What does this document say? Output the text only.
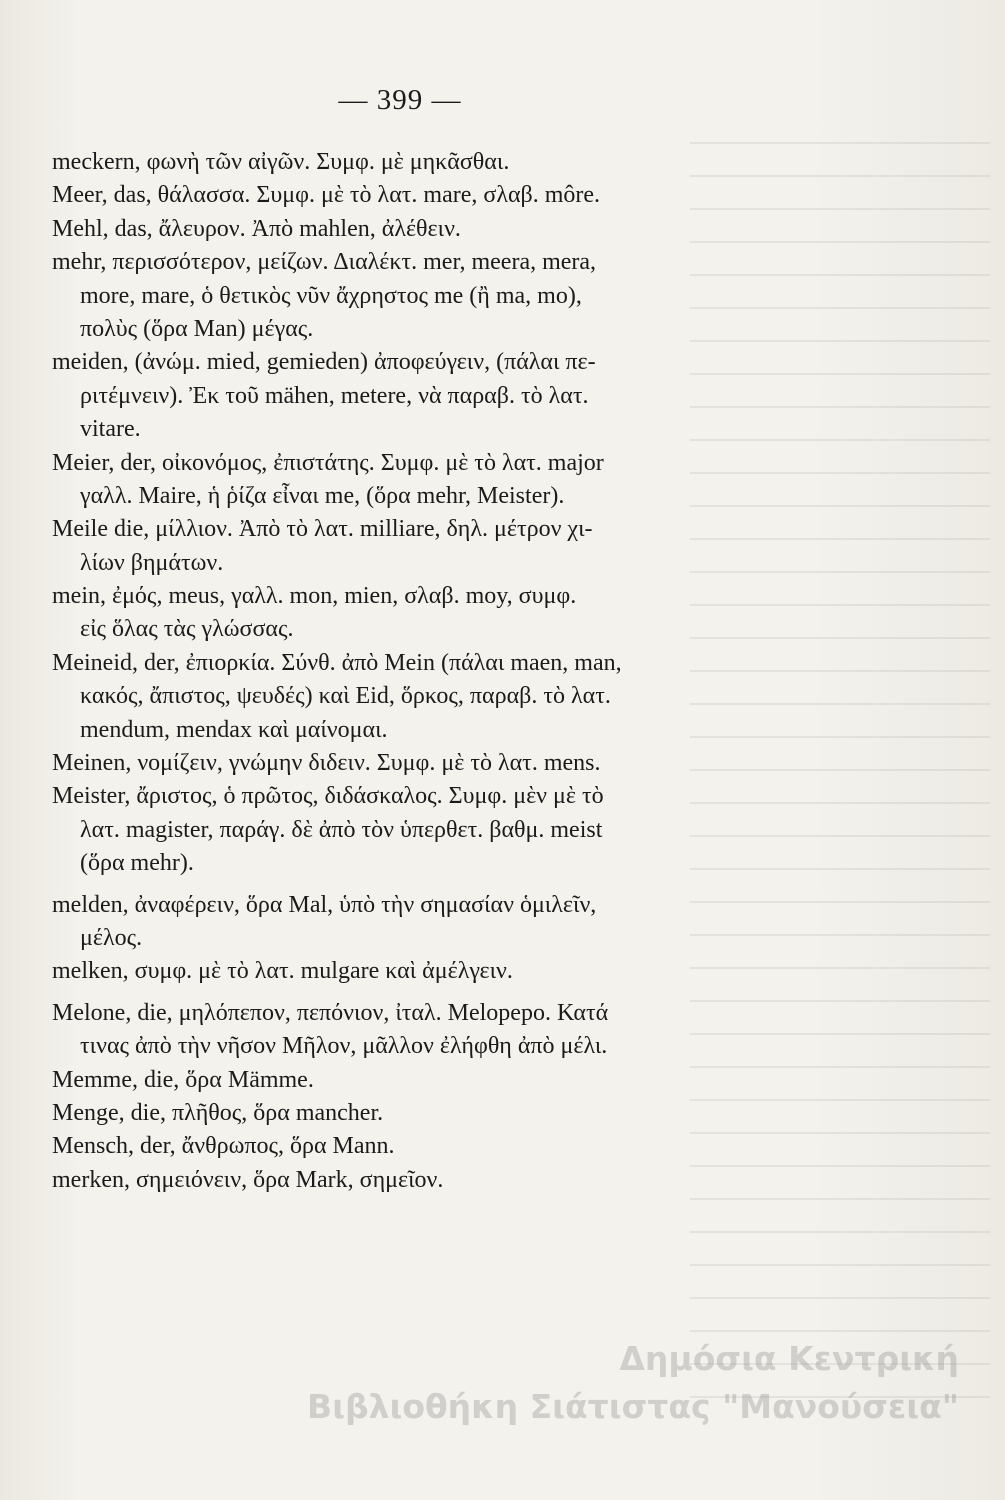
— 399 —
meckern, φωνὴ τῶν αἰγῶν. Συμφ. μὲ μηκᾶσθαι.
Meer, das, θάλασσα. Συμφ. μὲ τὸ λατ. mare, σλαβ. môre.
Mehl, das, ἄλευρον. Ἀπὸ mahlen, ἀλέθειν.
mehr, περισσότερον, μείζων. Διαλέκτ. mer, meera, mera,
more, mare, ὁ θετικὸς νῦν ἄχρηστος me (ἢ ma, mo),
πολὺς (ὅρα Man) μέγας.
meiden, (ἀνώμ. mied, gemieden) ἀποφεύγειν, (πάλαι πε-
ριτέμνειν). Ἐκ τοῦ mähen, metere, νὰ παραβ. τὸ λατ.
vitare.
Meier, der, οἰκονόμος, ἐπιστάτης. Συμφ. μὲ τὸ λατ. major
γαλλ. Maire, ἡ ῥίζα εἶναι me, (ὅρα mehr, Meister).
Meile die, μίλλιον. Ἀπὸ τὸ λατ. milliare, δηλ. μέτρον χι-
λίων βημάτων.
mein, ἐμός, meus, γαλλ. mon, mien, σλαβ. moy, συμφ.
εἰς ὅλας τὰς γλώσσας.
Meineid, der, ἐπιορκία. Σύνθ. ἀπὸ Mein (πάλαι maen, man,
κακός, ἄπιστος, ψευδές) καὶ Eid, ὅρκος, παραβ. τὸ λατ.
mendum, mendax καὶ μαίνομαι.
Meinen, νομίζειν, γνώμην διδειν. Συμφ. μὲ τὸ λατ. mens.
Meister, ἄριστος, ὁ πρῶτος, διδάσκαλος. Συμφ. μὲν μὲ τὸ
λατ. magister, παράγ. δὲ ἀπὸ τὸν ὑπερθετ. βαθμ. meist
(ὅρα mehr).
melden, ἀναφέρειν, ὅρα Mal, ὑπὸ τὴν σημασίαν ὁμιλεῖν,
μέλος.
melken, συμφ. μὲ τὸ λατ. mulgare καὶ ἀμέλγειν.
Melone, die, μηλόπεπον, πεπόνιον, ἰταλ. Melopepo. Κατά
τινας ἀπὸ τὴν νῆσον Μῆλον, μᾶλλον ἐλήφθη ἀπὸ μέλι.
Memme, die, ὅρα Mämme.
Menge, die, πλῆθος, ὅρα mancher.
Mensch, der, ἄνθρωπος, ὅρα Mann.
merken, σημειόνειν, ὅρα Mark, σημεῖον.
Δημόσια Κεντρική
Βιβλιοθήκη Σιάτιστας "Μανούσεια"
